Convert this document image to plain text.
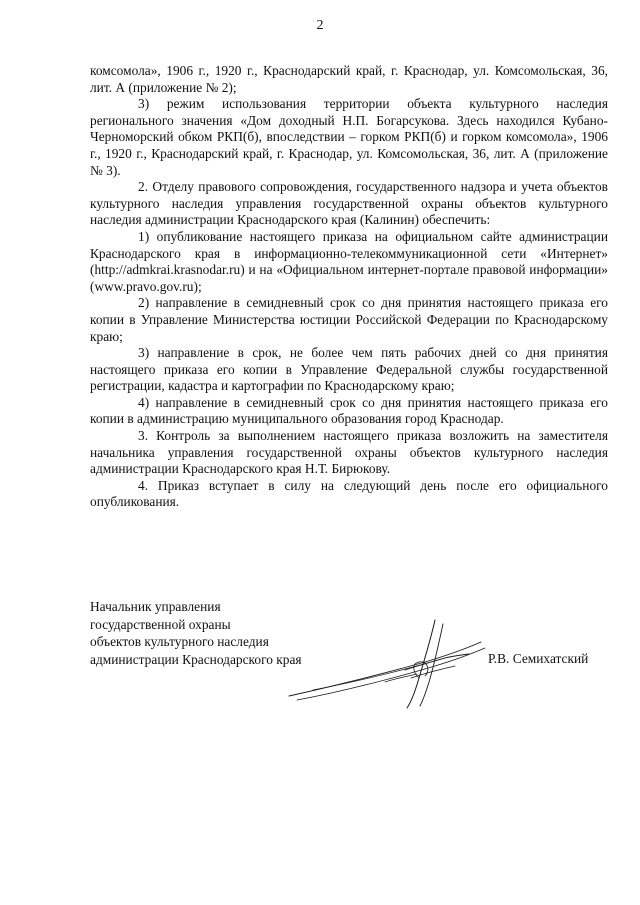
2

комсомола», 1906 г., 1920 г., Краснодарский край, г. Краснодар, ул. Комсомольская, 36, лит. А (приложение № 2);

3) режим использования территории объекта культурного наследия регионального значения «Дом доходный Н.П. Богарсукова. Здесь находился Кубано-Черноморский обком РКП(б), впоследствии – горком РКП(б) и горком комсомола», 1906 г., 1920 г., Краснодарский край, г. Краснодар, ул. Комсомольская, 36, лит. А (приложение № 3).

2. Отделу правового сопровождения, государственного надзора и учета объектов культурного наследия управления государственной охраны объектов культурного наследия администрации Краснодарского края (Калинин) обеспечить:

1) опубликование настоящего приказа на официальном сайте администрации Краснодарского края в информационно-телекоммуникационной сети «Интернет» (http://admkrai.krasnodar.ru) и на «Официальном интернет-портале правовой информации» (www.pravo.gov.ru);

2) направление в семидневный срок со дня принятия настоящего приказа его копии в Управление Министерства юстиции Российской Федерации по Краснодарскому краю;

3) направление в срок, не более чем пять рабочих дней со дня принятия настоящего приказа его копии в Управление Федеральной службы государственной регистрации, кадастра и картографии по Краснодарскому краю;

4) направление в семидневный срок со дня принятия настоящего приказа его копии в администрацию муниципального образования город Краснодар.

3. Контроль за выполнением настоящего приказа возложить на заместителя начальника управления государственной охраны объектов культурного наследия администрации Краснодарского края Н.Т. Бирюкову.

4. Приказ вступает в силу на следующий день после его официального опубликования.

Начальник управления
государственной охраны
объектов культурного наследия
администрации Краснодарского края	Р.В. Семихатский
